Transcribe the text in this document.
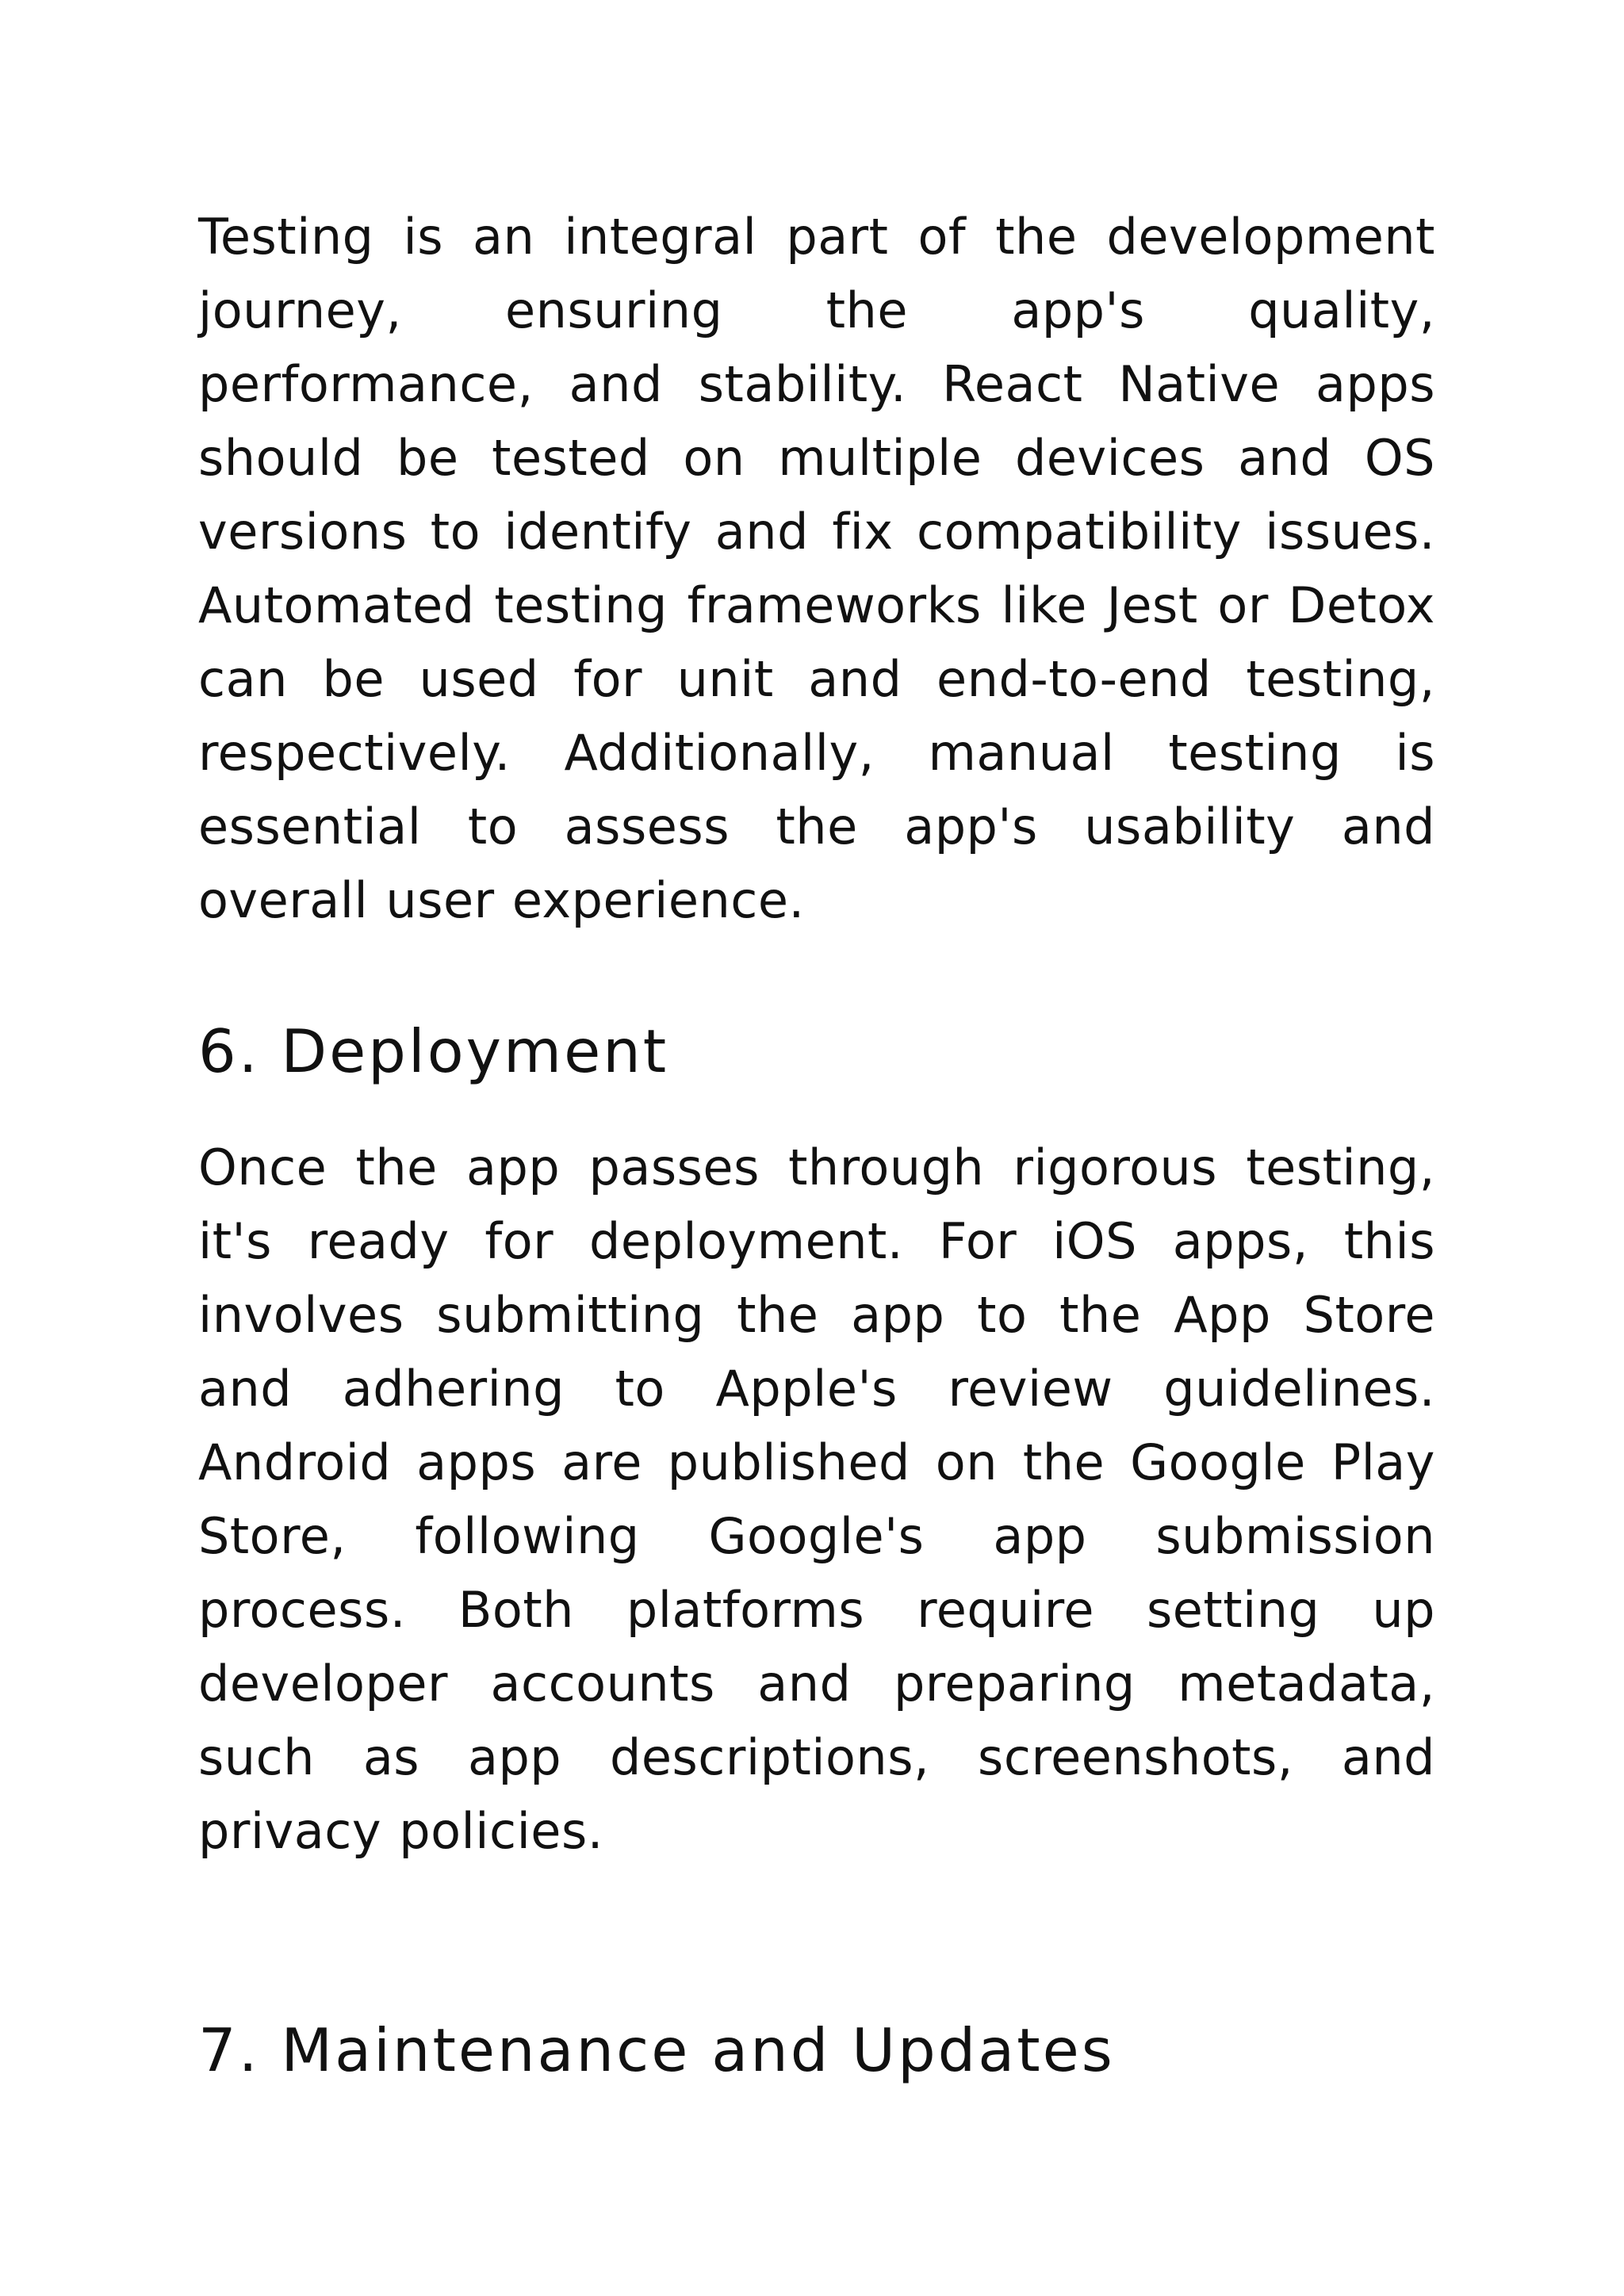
Testing is an integral part of the development journey, ensuring the app's quality, performance, and stability. React Native apps should be tested on multiple devices and OS versions to identify and fix compatibility issues. Automated testing frameworks like Jest or Detox can be used for unit and end-to-end testing, respectively. Additionally, manual testing is essential to assess the app's usability and overall user experience.

6. Deployment

Once the app passes through rigorous testing, it's ready for deployment. For iOS apps, this involves submitting the app to the App Store and adhering to Apple's review guidelines. Android apps are published on the Google Play Store, following Google's app submission process. Both platforms require setting up developer accounts and preparing metadata, such as app descriptions, screenshots, and privacy policies.

7. Maintenance and Updates
